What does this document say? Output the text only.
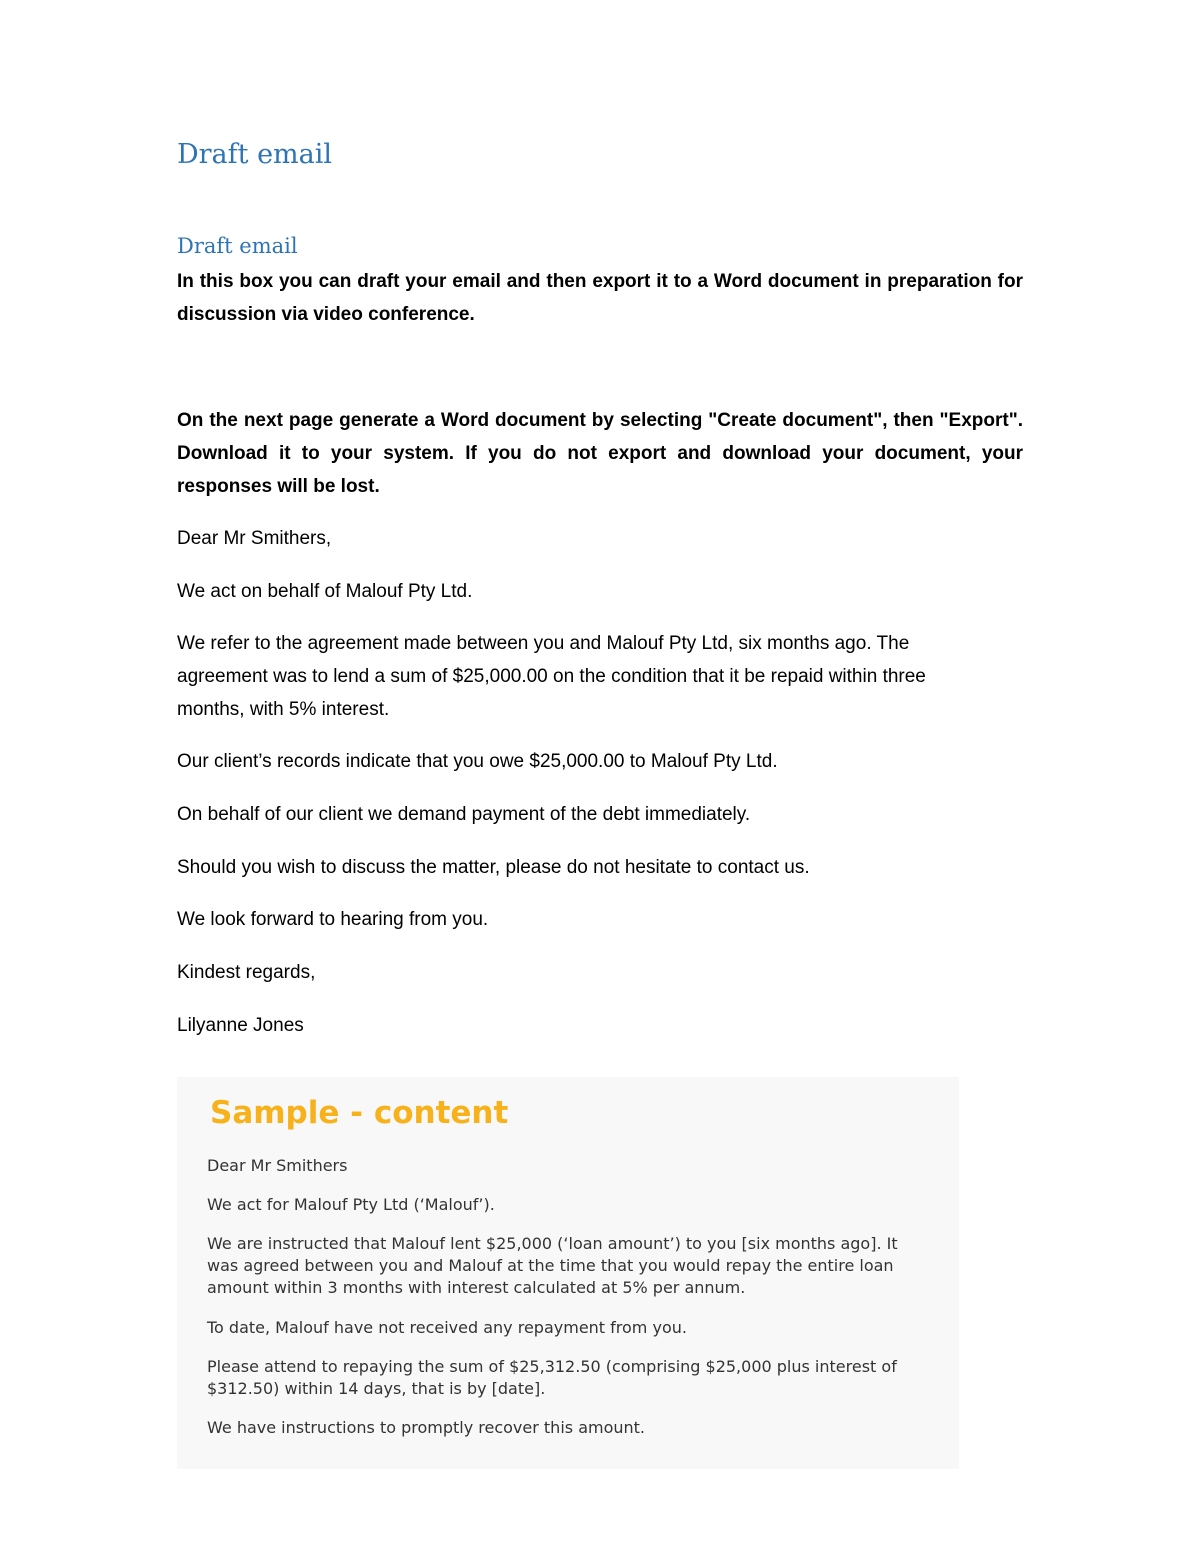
Draft email
Draft email

In this box you can draft your email and then export it to a Word document in preparation for discussion via video conference.

On the next page generate a Word document by selecting "Create document", then "Export". Download it to your system. If you do not export and download your document, your responses will be lost.

Dear Mr Smithers,

We act on behalf of Malouf Pty Ltd.

We refer to the agreement made between you and Malouf Pty Ltd, six months ago. The agreement was to lend a sum of $25,000.00 on the condition that it be repaid within three months, with 5% interest.

Our client’s records indicate that you owe $25,000.00 to Malouf Pty Ltd.

On behalf of our client we demand payment of the debt immediately.

Should you wish to discuss the matter, please do not hesitate to contact us.

We look forward to hearing from you.

Kindest regards,

Lilyanne Jones

Sample - content

Dear Mr Smithers

We act for Malouf Pty Ltd (‘Malouf’).

We are instructed that Malouf lent $25,000 (‘loan amount’) to you [six months ago]. It was agreed between you and Malouf at the time that you would repay the entire loan amount within 3 months with interest calculated at 5% per annum.

To date, Malouf have not received any repayment from you.

Please attend to repaying the sum of $25,312.50 (comprising $25,000 plus interest of $312.50) within 14 days, that is by [date].

We have instructions to promptly recover this amount.
